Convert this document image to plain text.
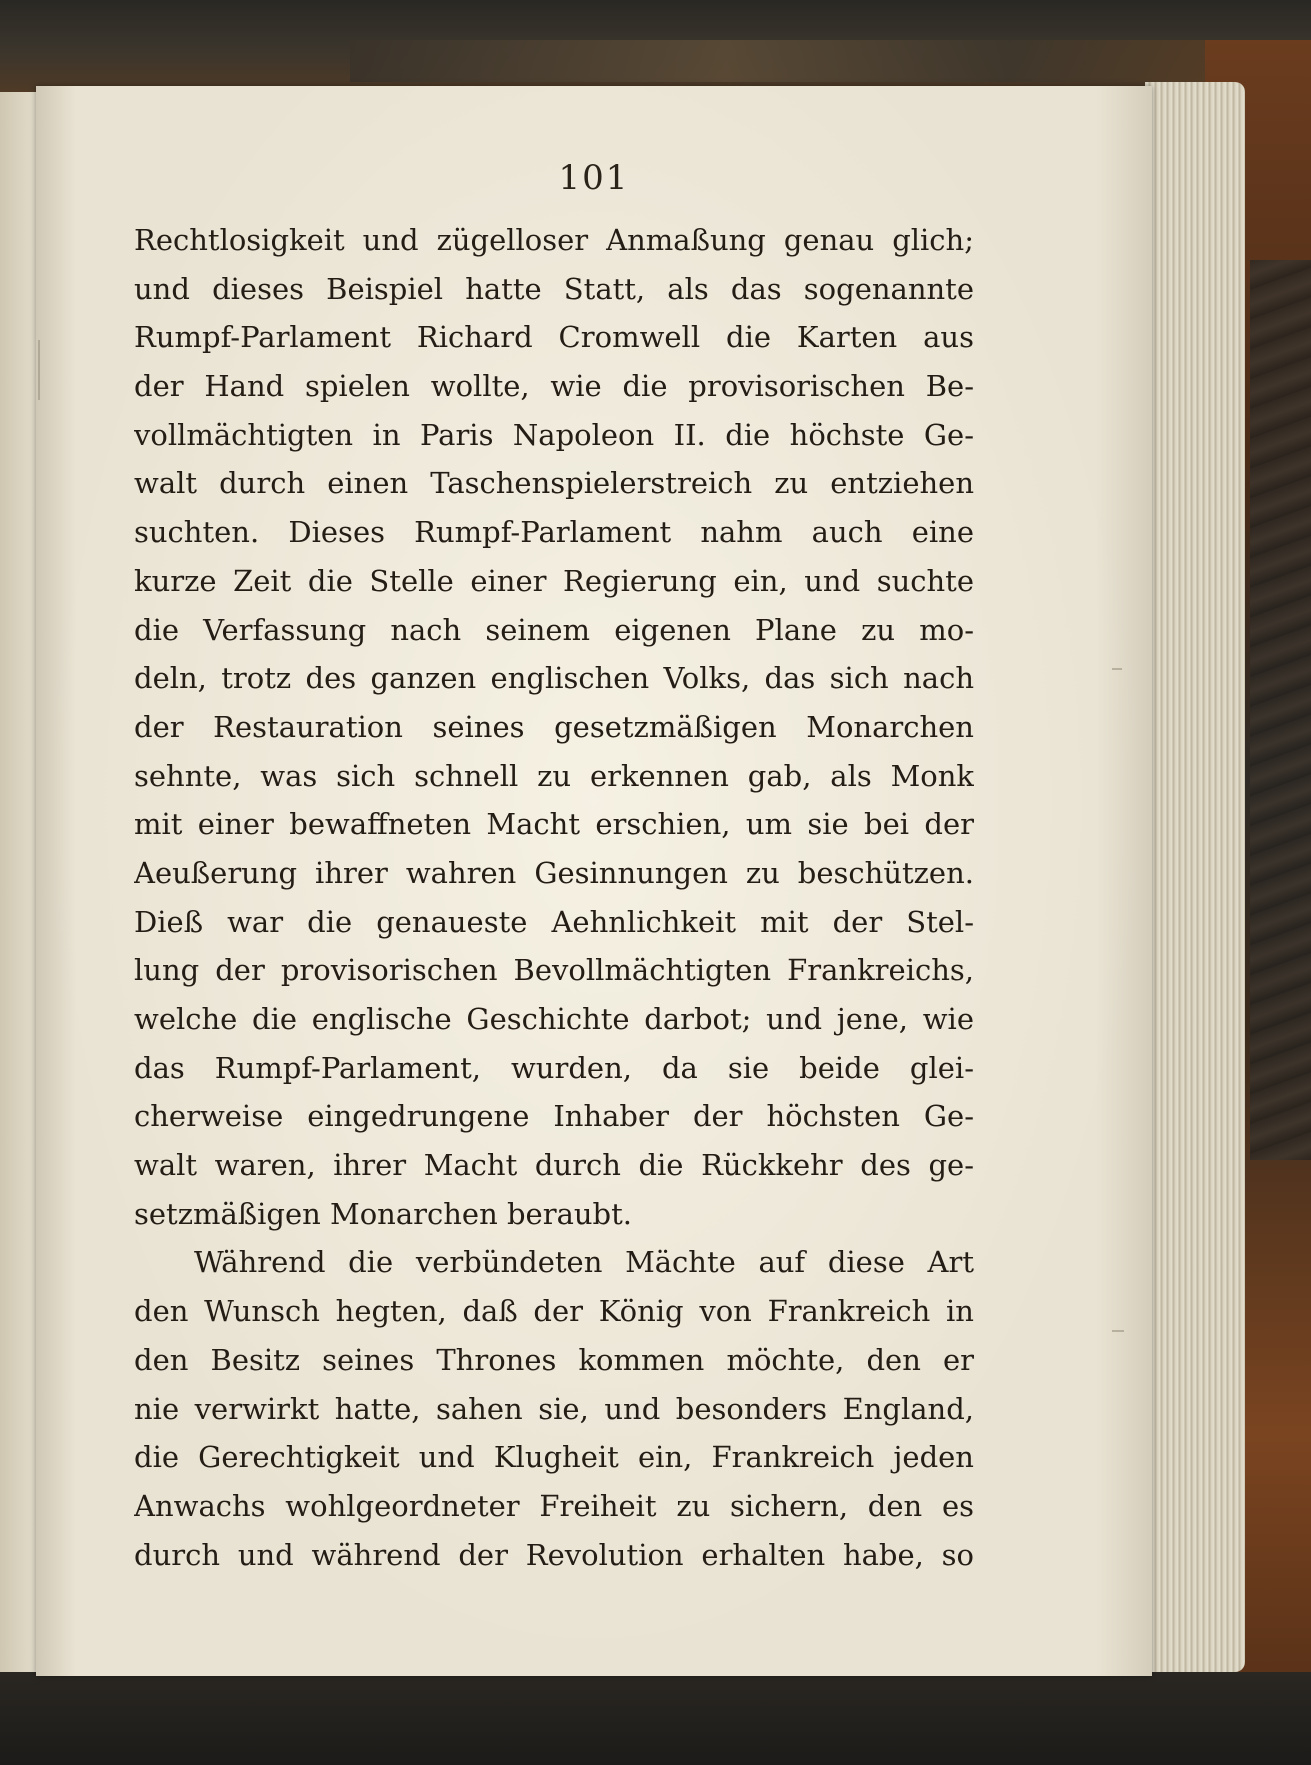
101
Rechtlosigkeit und zügelloser Anmaßung genau glich;
und dieses Beispiel hatte Statt, als das sogenannte
Rumpf-Parlament Richard Cromwell die Karten aus
der Hand spielen wollte, wie die provisorischen Be-
vollmächtigten in Paris Napoleon II. die höchste Ge-
walt durch einen Taschenspielerstreich zu entziehen
suchten. Dieses Rumpf-Parlament nahm auch eine
kurze Zeit die Stelle einer Regierung ein, und suchte
die Verfassung nach seinem eigenen Plane zu mo-
deln, trotz des ganzen englischen Volks, das sich nach
der Restauration seines gesetzmäßigen Monarchen
sehnte, was sich schnell zu erkennen gab, als Monk
mit einer bewaffneten Macht erschien, um sie bei der
Aeußerung ihrer wahren Gesinnungen zu beschützen.
Dieß war die genaueste Aehnlichkeit mit der Stel-
lung der provisorischen Bevollmächtigten Frankreichs,
welche die englische Geschichte darbot; und jene, wie
das Rumpf-Parlament, wurden, da sie beide glei-
cherweise eingedrungene Inhaber der höchsten Ge-
walt waren, ihrer Macht durch die Rückkehr des ge-
setzmäßigen Monarchen beraubt.
Während die verbündeten Mächte auf diese Art
den Wunsch hegten, daß der König von Frankreich in
den Besitz seines Thrones kommen möchte, den er
nie verwirkt hatte, sahen sie, und besonders England,
die Gerechtigkeit und Klugheit ein, Frankreich jeden
Anwachs wohlgeordneter Freiheit zu sichern, den es
durch und während der Revolution erhalten habe, so
